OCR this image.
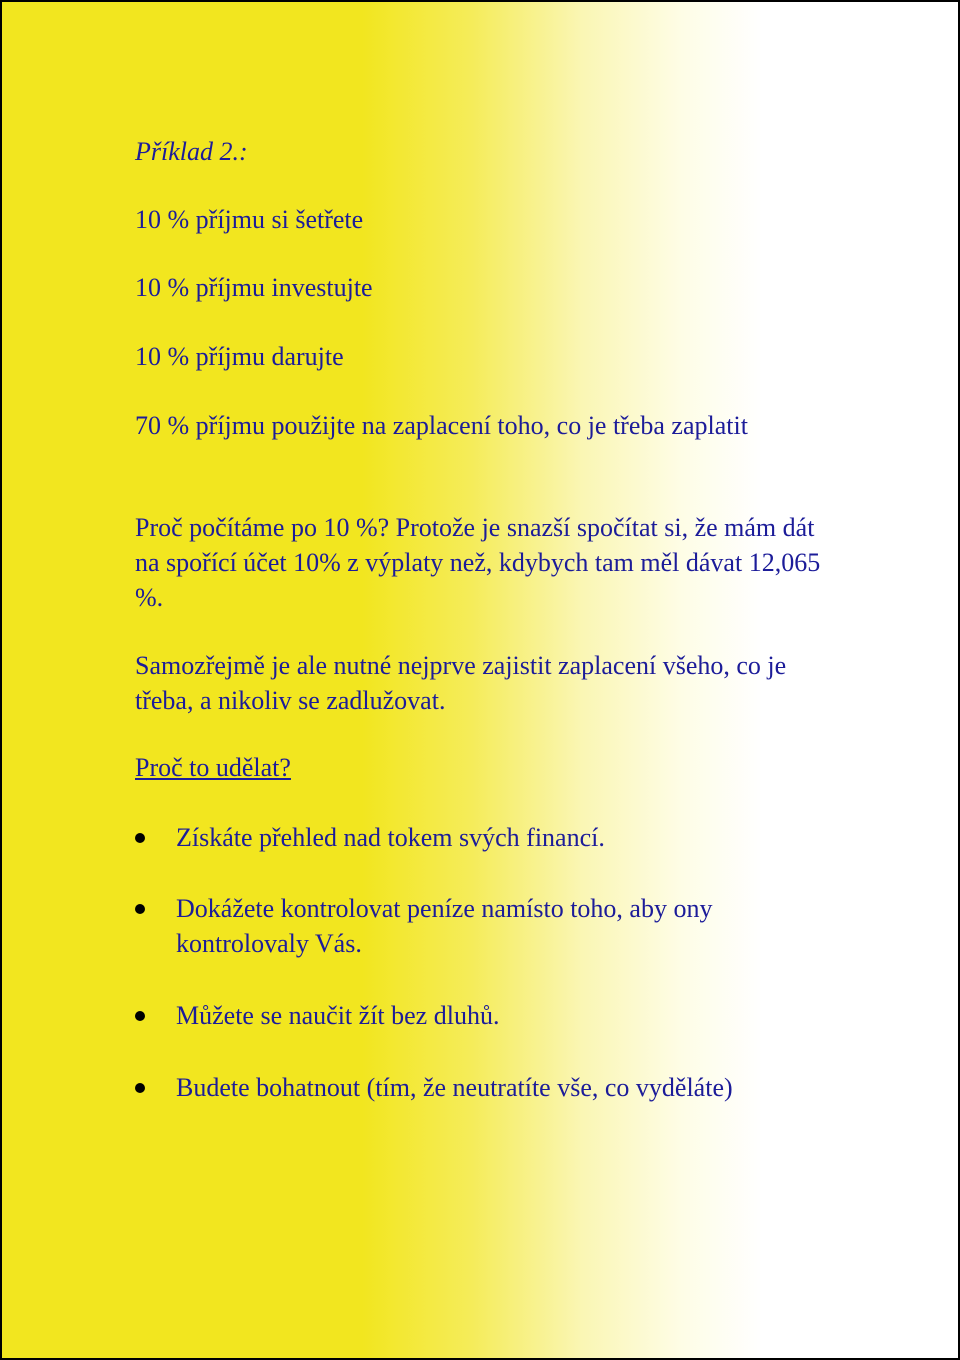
Příklad 2.:

10 % příjmu si šetřete

10 % příjmu investujte

10 % příjmu darujte

70 % příjmu použijte na zaplacení toho, co je třeba zaplatit

Proč počítáme po 10 %? Protože je snazší spočítat si, že mám dát na spořící účet 10% z výplaty než, kdybych tam měl dávat 12,065 %.

Samozřejmě je ale nutné nejprve zajistit zaplacení všeho, co je třeba, a nikoliv se zadlužovat.

Proč to udělat?

Získáte přehled nad tokem svých financí.
Dokážete kontrolovat peníze namísto toho, aby ony kontrolovaly Vás.
Můžete se naučit žít bez dluhů.
Budete bohatnout (tím, že neutratíte vše, co vyděláte)
